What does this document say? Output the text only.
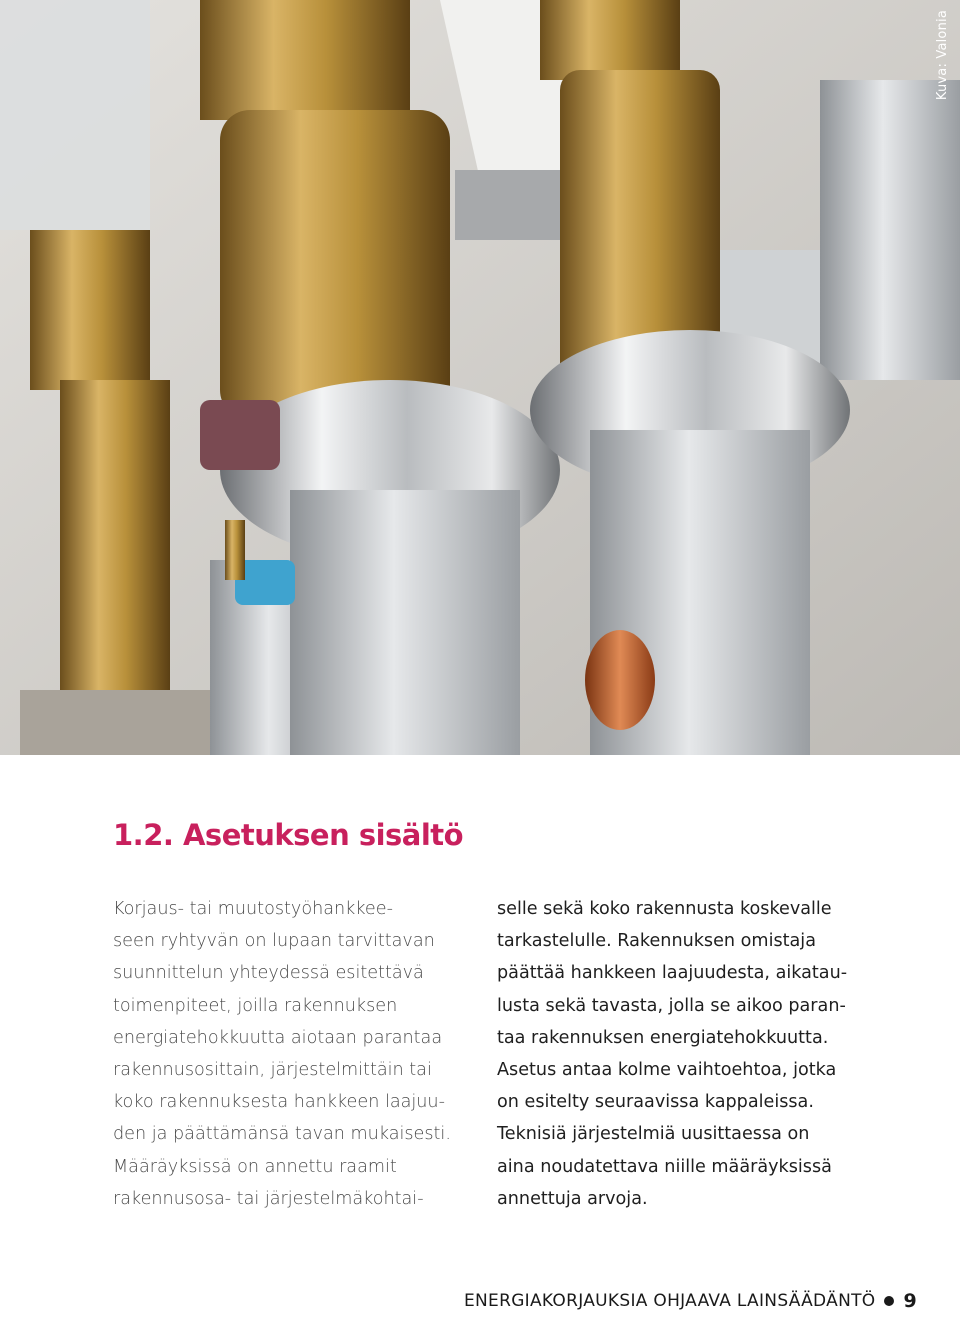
Kuva: Valonia
1.2. Asetuksen sisältö
Korjaus- tai muutostyöhankkee-
seen ryhtyvän on lupaan tarvittavan
suunnittelun yhteydessä esitettävä
toimenpiteet, joilla rakennuksen
energiatehokkuutta aiotaan parantaa
rakennusosittain, järjestelmittäin tai
koko rakennuksesta hankkeen laajuu-
den ja päättämänsä tavan mukaisesti.
Määräyksissä on annettu raamit
rakennusosa- tai järjestelmäkohtai-
selle sekä koko rakennusta koskevalle
tarkastelulle. Rakennuksen omistaja
päättää hankkeen laajuudesta, aikatau-
lusta sekä tavasta, jolla se aikoo paran-
taa rakennuksen energiatehokkuutta.
Asetus antaa kolme vaihtoehtoa, jotka
on esitelty seuraavissa kappaleissa.
Teknisiä järjestelmiä uusittaessa on
aina noudatettava niille määräyksissä
annettuja arvoja.
ENERGIAKORJAUKSIA OHJAAVA LAINSÄÄDÄNTÖ 9
